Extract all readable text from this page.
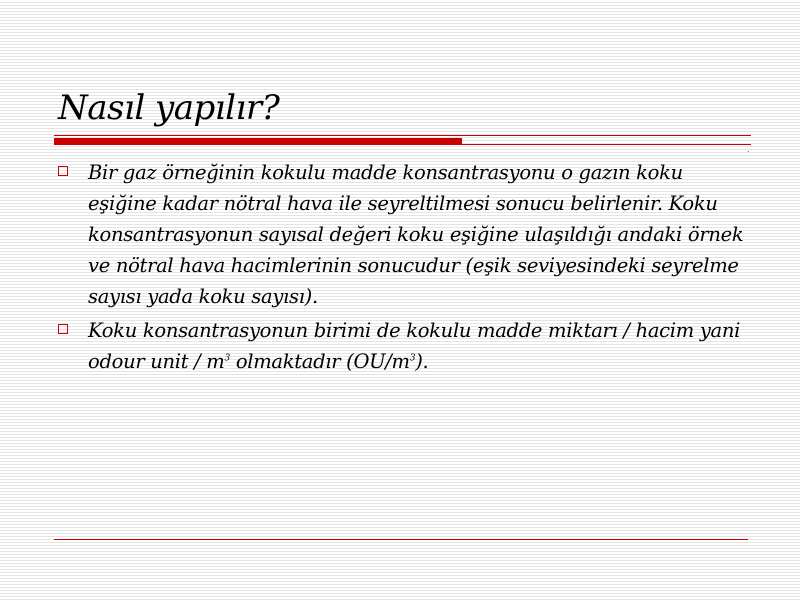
Nasıl yapılır?
.
Bir gaz örneğinin kokulu madde konsantrasyonu o gazın koku eşiğine kadar nötral hava ile seyreltilmesi sonucu belirlenir. Koku konsantrasyonun sayısal değeri koku eşiğine ulaşıldığı andaki örnek ve nötral hava hacimlerinin sonucudur (eşik seviyesindeki seyrelme sayısı yada koku sayısı).
Koku konsantrasyonun birimi de kokulu madde miktarı / hacim yani odour unit / $m^3$ olmaktadır $(OU/m^3)$.
